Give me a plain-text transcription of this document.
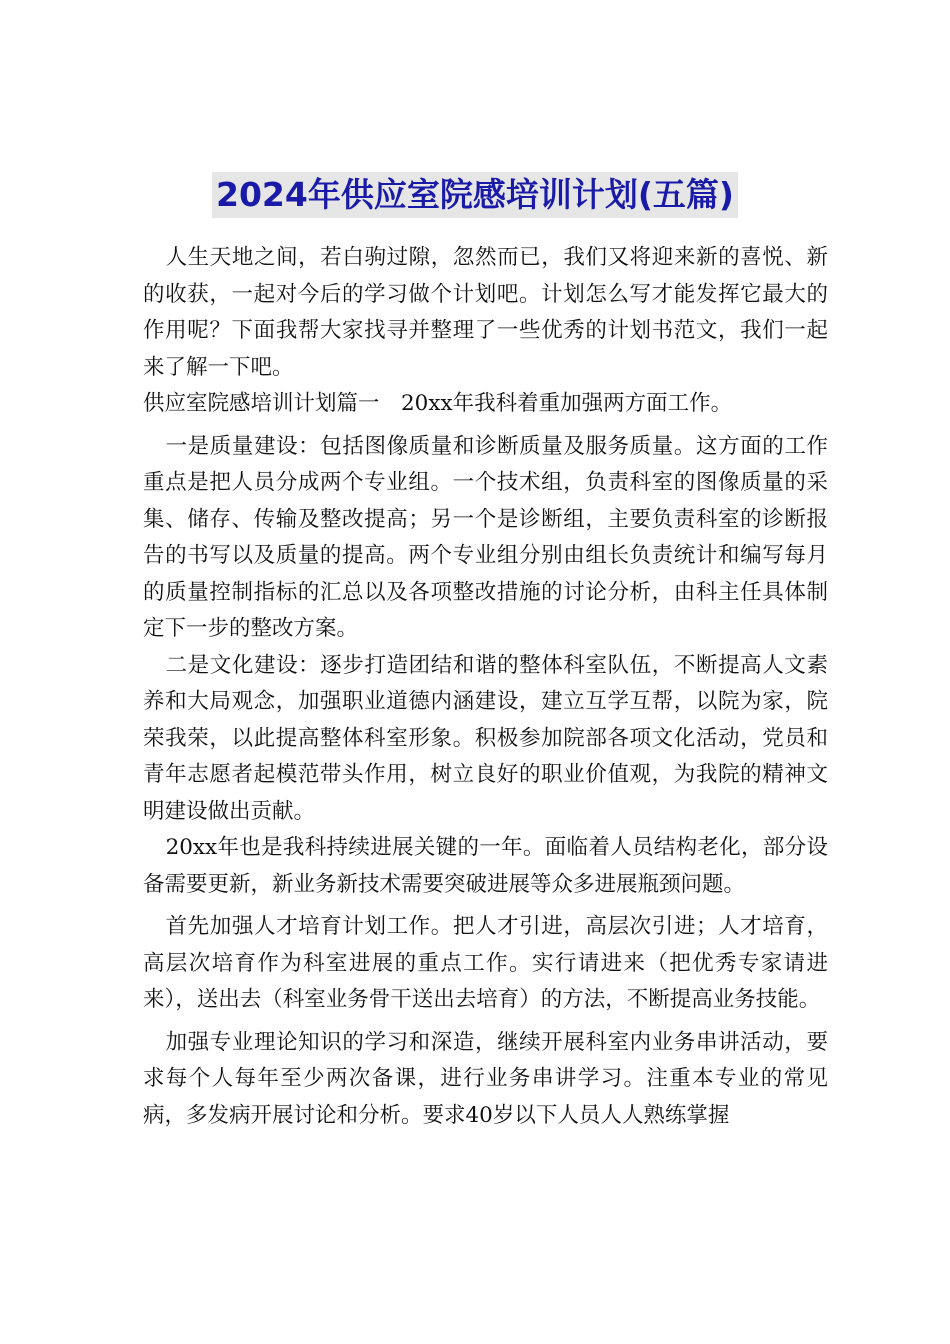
2024年供应室院感培训计划(五篇)

人生天地之间，若白驹过隙，忽然而已，我们又将迎来新的喜悦、新的收获，一起对今后的学习做个计划吧。计划怎么写才能发挥它最大的作用呢？下面我帮大家找寻并整理了一些优秀的计划书范文，我们一起来了解一下吧。

供应室院感培训计划篇一　20xx年我科着重加强两方面工作。

一是质量建设：包括图像质量和诊断质量及服务质量。这方面的工作重点是把人员分成两个专业组。一个技术组，负责科室的图像质量的采集、储存、传输及整改提高；另一个是诊断组，主要负责科室的诊断报告的书写以及质量的提高。两个专业组分别由组长负责统计和编写每月的质量控制指标的汇总以及各项整改措施的讨论分析，由科主任具体制定下一步的整改方案。

二是文化建设：逐步打造团结和谐的整体科室队伍，不断提高人文素养和大局观念，加强职业道德内涵建设，建立互学互帮，以院为家，院荣我荣，以此提高整体科室形象。积极参加院部各项文化活动，党员和青年志愿者起模范带头作用，树立良好的职业价值观，为我院的精神文明建设做出贡献。

20xx年也是我科持续进展关键的一年。面临着人员结构老化，部分设备需要更新，新业务新技术需要突破进展等众多进展瓶颈问题。

首先加强人才培育计划工作。把人才引进，高层次引进；人才培育，高层次培育作为科室进展的重点工作。实行请进来（把优秀专家请进来），送出去（科室业务骨干送出去培育）的方法，不断提高业务技能。

加强专业理论知识的学习和深造，继续开展科室内业务串讲活动，要求每个人每年至少两次备课，进行业务串讲学习。注重本专业的常见病，多发病开展讨论和分析。要求40岁以下人员人人熟练掌握
